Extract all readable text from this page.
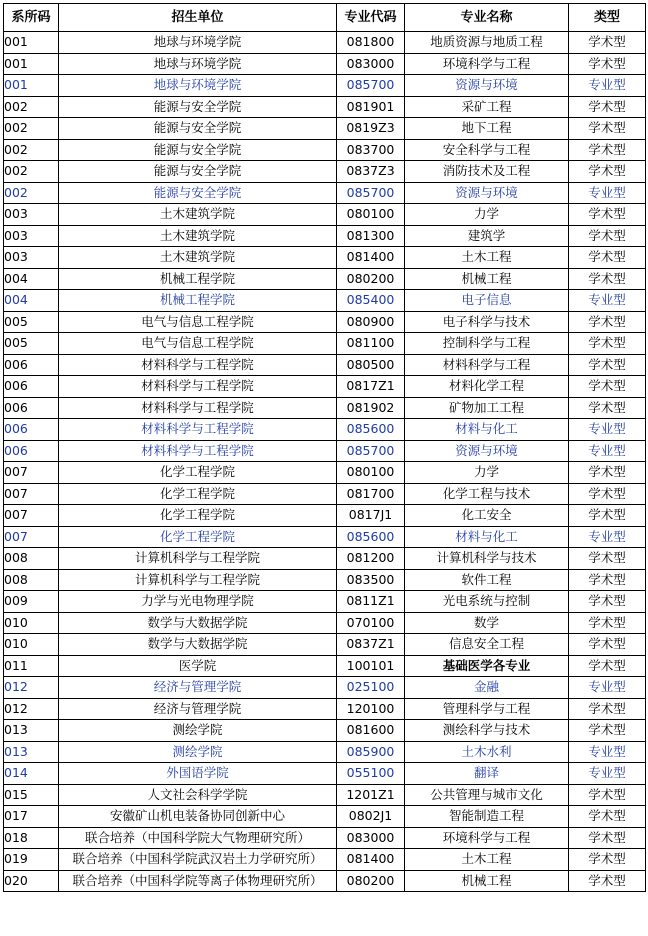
系所码	招生单位	专业代码	专业名称	类型
001	地球与环境学院	081800	地质资源与地质工程	学术型
001	地球与环境学院	083000	环境科学与工程	学术型
001	地球与环境学院	085700	资源与环境	专业型
002	能源与安全学院	081901	采矿工程	学术型
002	能源与安全学院	0819Z3	地下工程	学术型
002	能源与安全学院	083700	安全科学与工程	学术型
002	能源与安全学院	0837Z3	消防技术及工程	学术型
002	能源与安全学院	085700	资源与环境	专业型
003	土木建筑学院	080100	力学	学术型
003	土木建筑学院	081300	建筑学	学术型
003	土木建筑学院	081400	土木工程	学术型
004	机械工程学院	080200	机械工程	学术型
004	机械工程学院	085400	电子信息	专业型
005	电气与信息工程学院	080900	电子科学与技术	学术型
005	电气与信息工程学院	081100	控制科学与工程	学术型
006	材料科学与工程学院	080500	材料科学与工程	学术型
006	材料科学与工程学院	0817Z1	材料化学工程	学术型
006	材料科学与工程学院	081902	矿物加工工程	学术型
006	材料科学与工程学院	085600	材料与化工	专业型
006	材料科学与工程学院	085700	资源与环境	专业型
007	化学工程学院	080100	力学	学术型
007	化学工程学院	081700	化学工程与技术	学术型
007	化学工程学院	0817J1	化工安全	学术型
007	化学工程学院	085600	材料与化工	专业型
008	计算机科学与工程学院	081200	计算机科学与技术	学术型
008	计算机科学与工程学院	083500	软件工程	学术型
009	力学与光电物理学院	0811Z1	光电系统与控制	学术型
010	数学与大数据学院	070100	数学	学术型
010	数学与大数据学院	0837Z1	信息安全工程	学术型
011	医学院	100101	基础医学各专业	学术型
012	经济与管理学院	025100	金融	专业型
012	经济与管理学院	120100	管理科学与工程	学术型
013	测绘学院	081600	测绘科学与技术	学术型
013	测绘学院	085900	土木水利	专业型
014	外国语学院	055100	翻译	专业型
015	人文社会科学学院	1201Z1	公共管理与城市文化	学术型
017	安徽矿山机电装备协同创新中心	0802J1	智能制造工程	学术型
018	联合培养（中国科学院大气物理研究所）	083000	环境科学与工程	学术型
019	联合培养（中国科学院武汉岩土力学研究所）	081400	土木工程	学术型
020	联合培养（中国科学院等离子体物理研究所）	080200	机械工程	学术型
